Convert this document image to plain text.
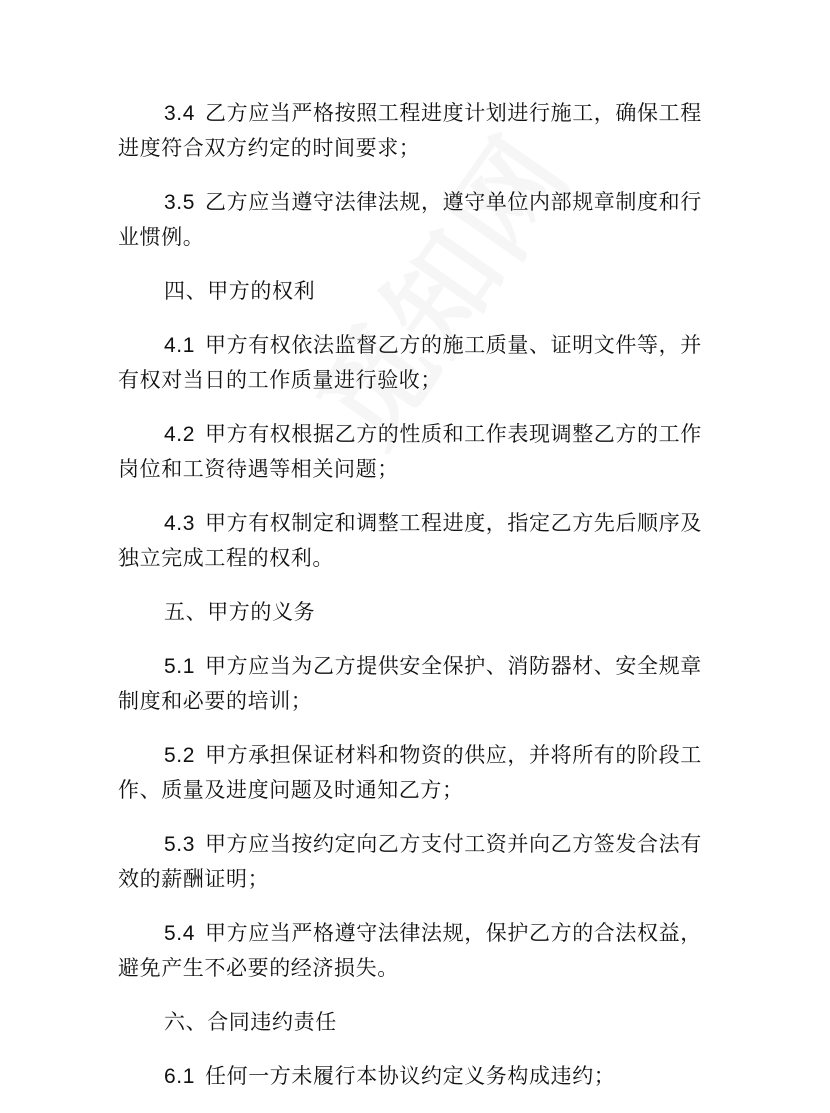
3.4 乙方应当严格按照工程进度计划进行施工，确保工程进度符合双方约定的时间要求；

3.5 乙方应当遵守法律法规，遵守单位内部规章制度和行业惯例。

四、甲方的权利

4.1 甲方有权依法监督乙方的施工质量、证明文件等，并有权对当日的工作质量进行验收；

4.2 甲方有权根据乙方的性质和工作表现调整乙方的工作岗位和工资待遇等相关问题；

4.3 甲方有权制定和调整工程进度，指定乙方先后顺序及独立完成工程的权利。

五、甲方的义务

5.1 甲方应当为乙方提供安全保护、消防器材、安全规章制度和必要的培训；

5.2 甲方承担保证材料和物资的供应，并将所有的阶段工作、质量及进度问题及时通知乙方；

5.3 甲方应当按约定向乙方支付工资并向乙方签发合法有效的薪酬证明；

5.4 甲方应当严格遵守法律法规，保护乙方的合法权益，避免产生不必要的经济损失。

六、合同违约责任

6.1 任何一方未履行本协议约定义务构成违约；
